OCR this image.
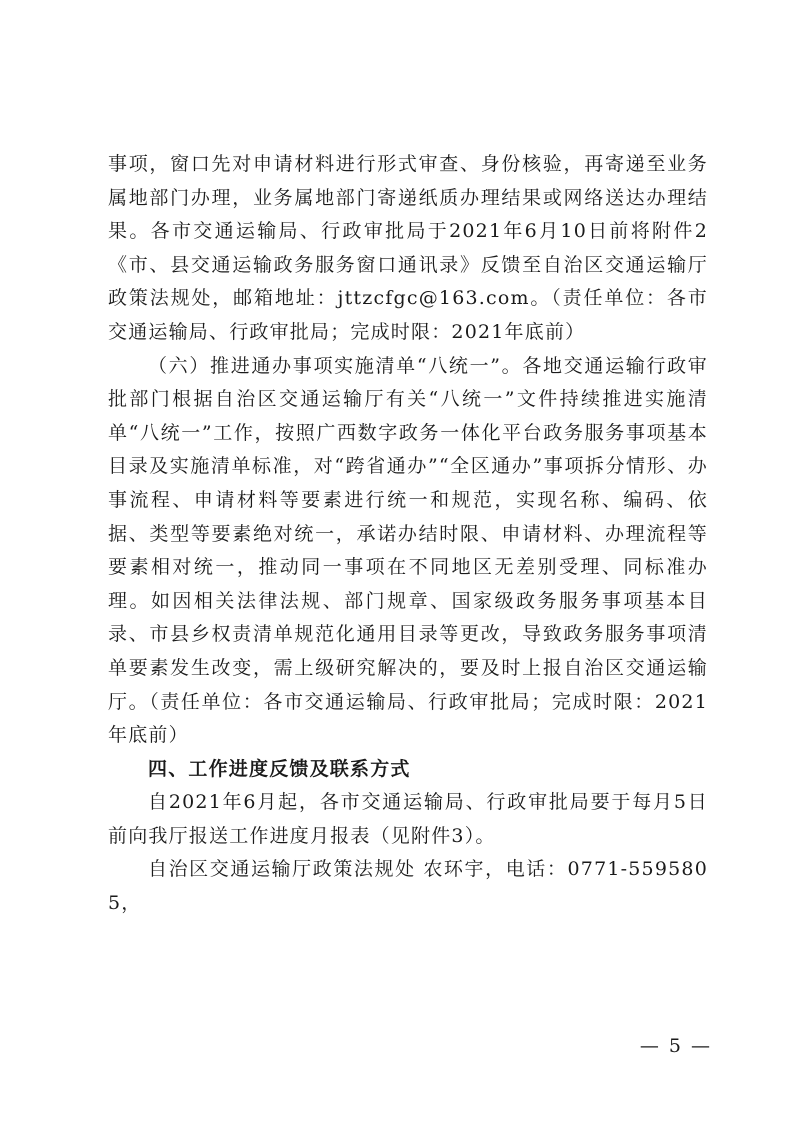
事项，窗口先对申请材料进行形式审查、身份核验，再寄递至业务属地部门办理，业务属地部门寄递纸质办理结果或网络送达办理结果。各市交通运输局、行政审批局于2021年6月10日前将附件2《市、县交通运输政务服务窗口通讯录》反馈至自治区交通运输厅政策法规处，邮箱地址：jttzcfgc@163.com。（责任单位：各市交通运输局、行政审批局；完成时限：2021年底前）

（六）推进通办事项实施清单“八统一”。各地交通运输行政审批部门根据自治区交通运输厅有关“八统一”文件持续推进实施清单“八统一”工作，按照广西数字政务一体化平台政务服务事项基本目录及实施清单标准，对“跨省通办”“全区通办”事项拆分情形、办事流程、申请材料等要素进行统一和规范，实现名称、编码、依据、类型等要素绝对统一，承诺办结时限、申请材料、办理流程等要素相对统一，推动同一事项在不同地区无差别受理、同标准办理。如因相关法律法规、部门规章、国家级政务服务事项基本目录、市县乡权责清单规范化通用目录等更改，导致政务服务事项清单要素发生改变，需上级研究解决的，要及时上报自治区交通运输厅。（责任单位：各市交通运输局、行政审批局；完成时限：2021年底前）

四、工作进度反馈及联系方式

自2021年6月起，各市交通运输局、行政审批局要于每月5日前向我厅报送工作进度月报表（见附件3）。

自治区交通运输厅政策法规处 农环宇，电话：0771-5595805，

— 5 —
